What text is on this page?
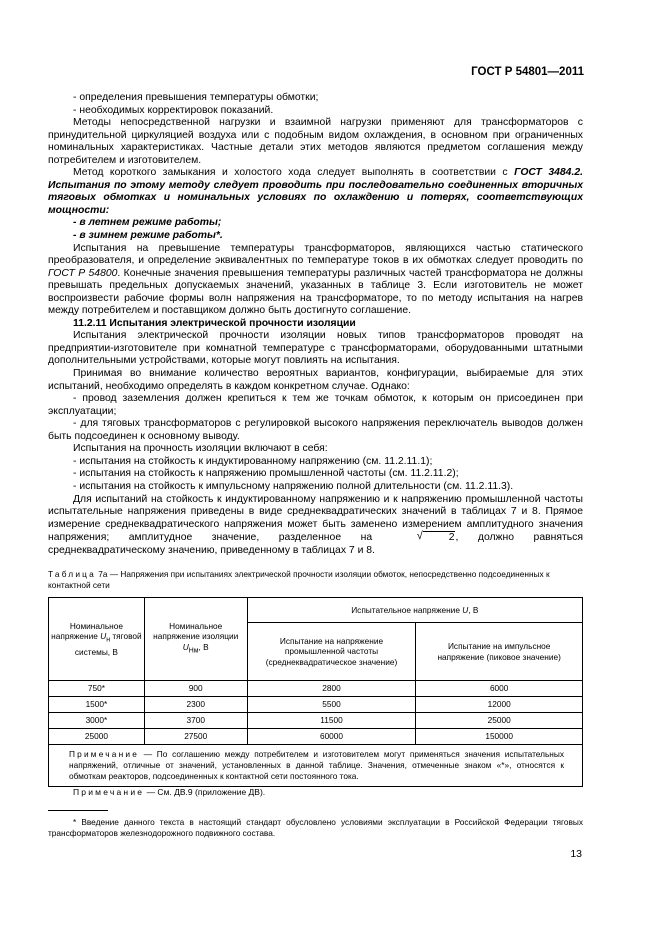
ГОСТ Р 54801—2011

- определения превышения температуры обмотки;

- необходимых корректировок показаний.

Методы непосредственной нагрузки и взаимной нагрузки применяют для трансформаторов с принудительной циркуляцией воздуха или с подобным видом охлаждения, в основном при ограниченных номинальных характеристиках. Частные детали этих методов являются предметом соглашения между потребителем и изготовителем.

Метод короткого замыкания и холостого хода следует выполнять в соответствии с ГОСТ 3484.2. Испытания по этому методу следует проводить при последовательно соединенных вторичных тяговых обмотках и номинальных условиях по охлаждению и потерях, соответствующих мощности:

- в летнем режиме работы;

- в зимнем режиме работы*.

Испытания на превышение температуры трансформаторов, являющихся частью статического преобразователя, и определение эквивалентных по температуре токов в их обмотках следует проводить по ГОСТ Р 54800. Конечные значения превышения температуры различных частей трансформатора не должны превышать предельных допускаемых значений, указанных в таблице 3. Если изготовитель не может воспроизвести рабочие формы волн напряжения на трансформаторе, то по методу испытания на нагрев между потребителем и поставщиком должно быть достигнуто соглашение.

11.2.11 Испытания электрической прочности изоляции

Испытания электрической прочности изоляции новых типов трансформаторов проводят на предприятии-изготовителе при комнатной температуре с трансформаторами, оборудованными штатными дополнительными устройствами, которые могут повлиять на испытания.

Принимая во внимание количество вероятных вариантов, конфигурации, выбираемые для этих испытаний, необходимо определять в каждом конкретном случае. Однако:

- провод заземления должен крепиться к тем же точкам обмоток, к которым он присоединен при эксплуатации;

- для тяговых трансформаторов с регулировкой высокого напряжения переключатель выводов должен быть подсоединен к основному выводу.

Испытания на прочность изоляции включают в себя:

- испытания на стойкость к индуктированному напряжению (см. 11.2.11.1);

- испытания на стойкость к напряжению промышленной частоты (см. 11.2.11.2);

- испытания на стойкость к импульсному напряжению полной длительности (см. 11.2.11.3).

Для испытаний на стойкость к индуктированному напряжению и к напряжению промышленной частоты испытательные напряжения приведены в виде среднеквадратических значений в таблицах 7 и 8. Прямое измерение среднеквадратического напряжения может быть заменено измерением амплитудного значения напряжения; амплитудное значение, разделенное на	√ 2, должно равняться среднеквадратическому значению, приведенному в таблицах 7 и 8.

Таблица 7а — Напряжения при испытаниях электрической прочности изоляции обмоток, непосредственно подсоединенных к контактной сети
Номинальное напряжение $U_н$ тяговой системы, В	Номинальное напряжение изоляции $U_{Нм}$, В	Испытательное напряжение U, В	
		Испытание на напряжение промышленной частоты (среднеквадратическое значение)	Испытание на импульсное напряжение (пиковое значение)
750*	900	2800	6000
1500*	2300	5500	12000
3000*	3700	11500	25000
25000	27500	60000	150000
Примечание — По соглашению между потребителем и изготовителем могут применяться значения испытательных напряжений, отличные от значений, установленных в данной таблице. Значения, отмеченные знаком «*», относятся к обмоткам реакторов, подсоединенных к контактной сети постоянного тока.			
Примечание — См. ДВ.9 (приложение ДВ).
* Введение данного текста в настоящий стандарт обусловлено условиями эксплуатации в Российской Федерации тяговых трансформаторов железнодорожного подвижного состава.
13
